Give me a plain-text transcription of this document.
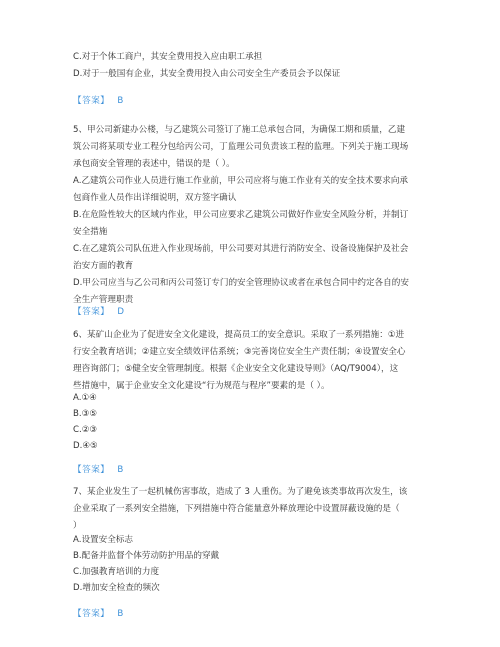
C.对于个体工商户，其安全费用投入应由职工承担
D.对于一般国有企业，其安全费用投入由公司安全生产委员会予以保证
【答案】 B
5、甲公司新建办公楼，与乙建筑公司签订了施工总承包合同，为确保工期和质量，乙建
筑公司将某项专业工程分包给丙公司，丁监理公司负责该工程的监理。下列关于施工现场
承包商安全管理的表述中，错误的是（ ）。
A.乙建筑公司作业人员进行施工作业前，甲公司应将与施工作业有关的安全技术要求向承
包商作业人员作出详细说明，双方签字确认
B.在危险性较大的区域内作业，甲公司应要求乙建筑公司做好作业安全风险分析，并制订
安全措施
C.在乙建筑公司队伍进入作业现场前，甲公司要对其进行消防安全、设备设施保护及社会
治安方面的教育
D.甲公司应当与乙公司和丙公司签订专门的安全管理协议或者在承包合同中约定各自的安
全生产管理职责
【答案】 D
6、某矿山企业为了促进安全文化建设，提高员工的安全意识。采取了一系列措施：①进
行安全教育培训；②建立安全绩效评估系统；③完善岗位安全生产责任制；④设置安全心
理咨询部门；⑤健全安全管理制度。根据《企业安全文化建设导则》（AQ/T9004），这
些措施中，属于企业安全文化建设“行为规范与程序”要素的是（ ）。
A.①④
B.③⑤
C.②③
D.④⑤
【答案】 B
7、某企业发生了一起机械伤害事故，造成了 3 人重伤。为了避免该类事故再次发生，该
企业采取了一系列安全措施，下列措施中符合能量意外释放理论中设置屏蔽设施的是（
）
A.设置安全标志
B.配备并监督个体劳动防护用品的穿戴
C.加强教育培训的力度
D.增加安全检查的频次
【答案】 B
